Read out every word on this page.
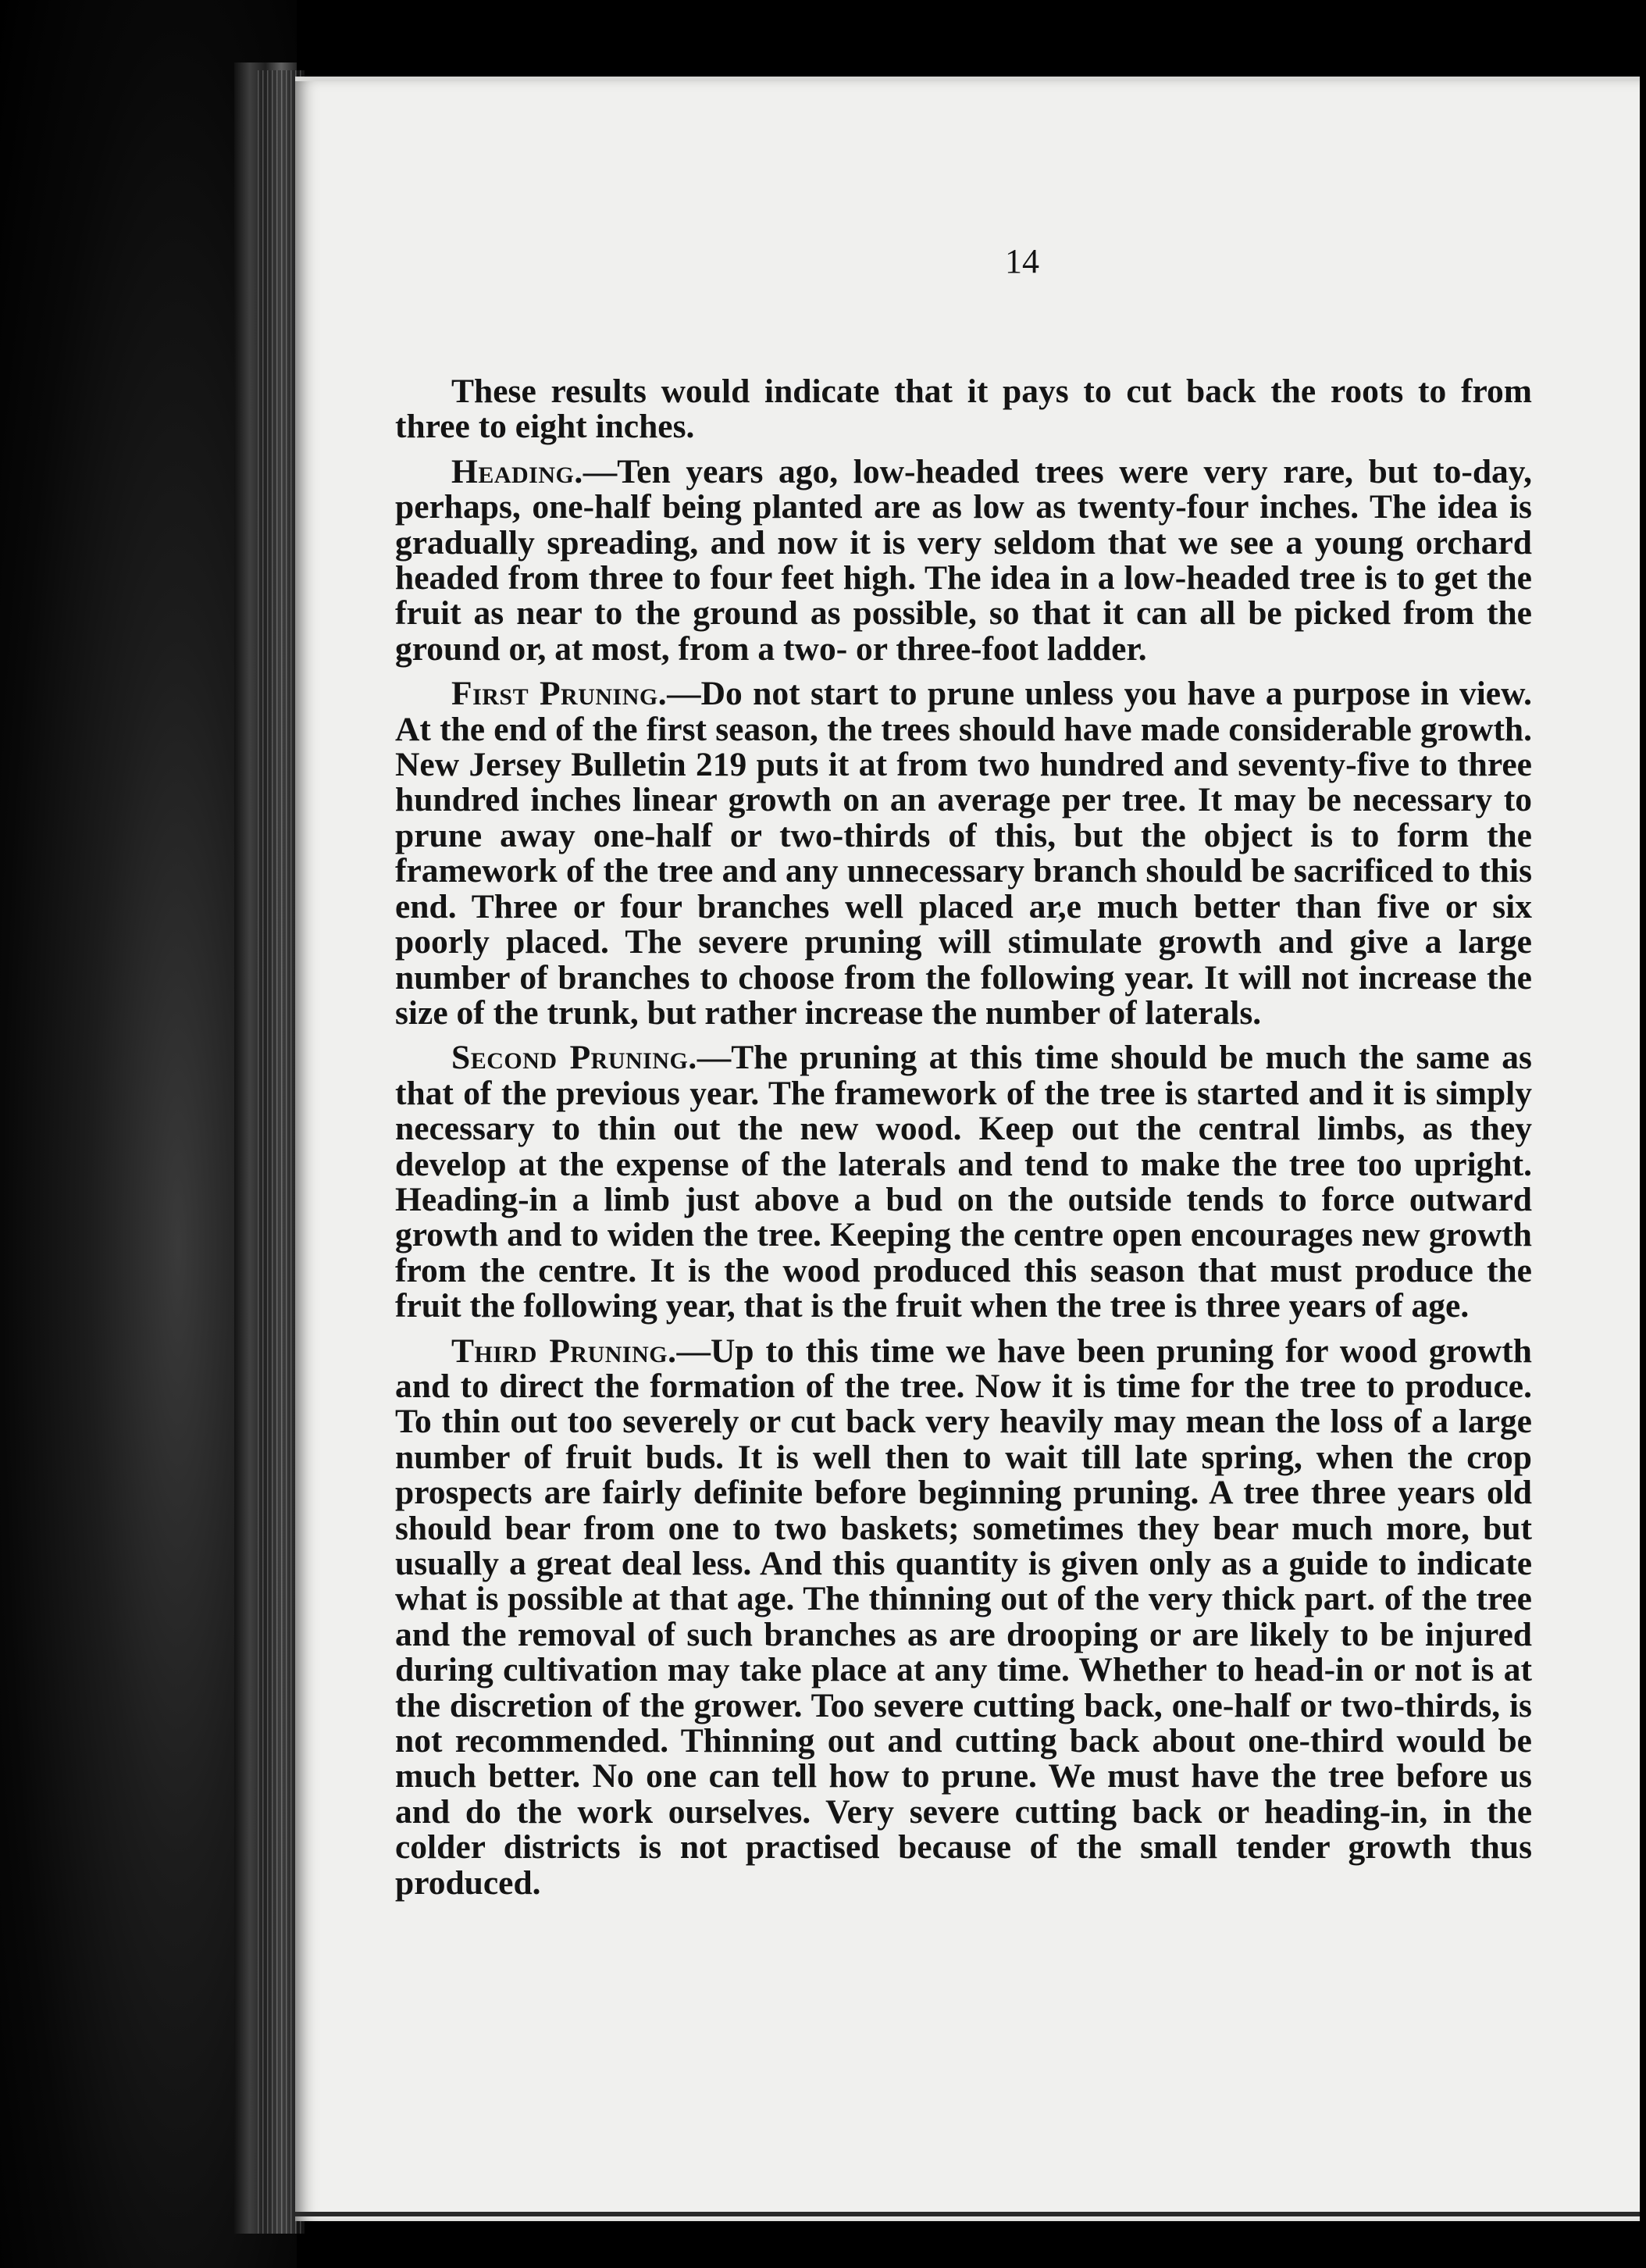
14

These results would indicate that it pays to cut back the roots to from three to eight inches.

Heading.—Ten years ago, low-headed trees were very rare, but to-day, perhaps, one-half being planted are as low as twenty-four inches. The idea is gradually spreading, and now it is very seldom that we see a young orchard headed from three to four feet high. The idea in a low-headed tree is to get the fruit as near to the ground as possible, so that it can all be picked from the ground or, at most, from a two- or three-foot ladder.

First Pruning.—Do not start to prune unless you have a purpose in view. At the end of the first season, the trees should have made considerable growth. New Jersey Bulletin 219 puts it at from two hundred and seventy-five to three hundred inches linear growth on an average per tree. It may be necessary to prune away one-half or two-thirds of this, but the object is to form the framework of the tree and any unnecessary branch should be sacrificed to this end. Three or four branches well placed ar,e much better than five or six poorly placed. The severe pruning will stimulate growth and give a large number of branches to choose from the following year. It will not increase the size of the trunk, but rather increase the number of laterals.

Second Pruning.—The pruning at this time should be much the same as that of the previous year. The framework of the tree is started and it is simply necessary to thin out the new wood. Keep out the central limbs, as they develop at the expense of the laterals and tend to make the tree too upright. Heading-in a limb just above a bud on the outside tends to force outward growth and to widen the tree. Keeping the centre open encourages new growth from the centre. It is the wood produced this season that must produce the fruit the following year, that is the fruit when the tree is three years of age.

Third Pruning.—Up to this time we have been pruning for wood growth and to direct the formation of the tree. Now it is time for the tree to produce. To thin out too severely or cut back very heavily may mean the loss of a large number of fruit buds. It is well then to wait till late spring, when the crop prospects are fairly definite before beginning pruning. A tree three years old should bear from one to two baskets; sometimes they bear much more, but usually a great deal less. And this quantity is given only as a guide to indicate what is possible at that age. The thinning out of the very thick part. of the tree and the removal of such branches as are drooping or are likely to be injured during cultivation may take place at any time. Whether to head-in or not is at the discretion of the grower. Too severe cutting back, one-half or two-thirds, is not recommended. Thinning out and cutting back about one-third would be much better. No one can tell how to prune. We must have the tree before us and do the work ourselves. Very severe cutting back or heading-in, in the colder districts is not practised because of the small tender growth thus produced.
